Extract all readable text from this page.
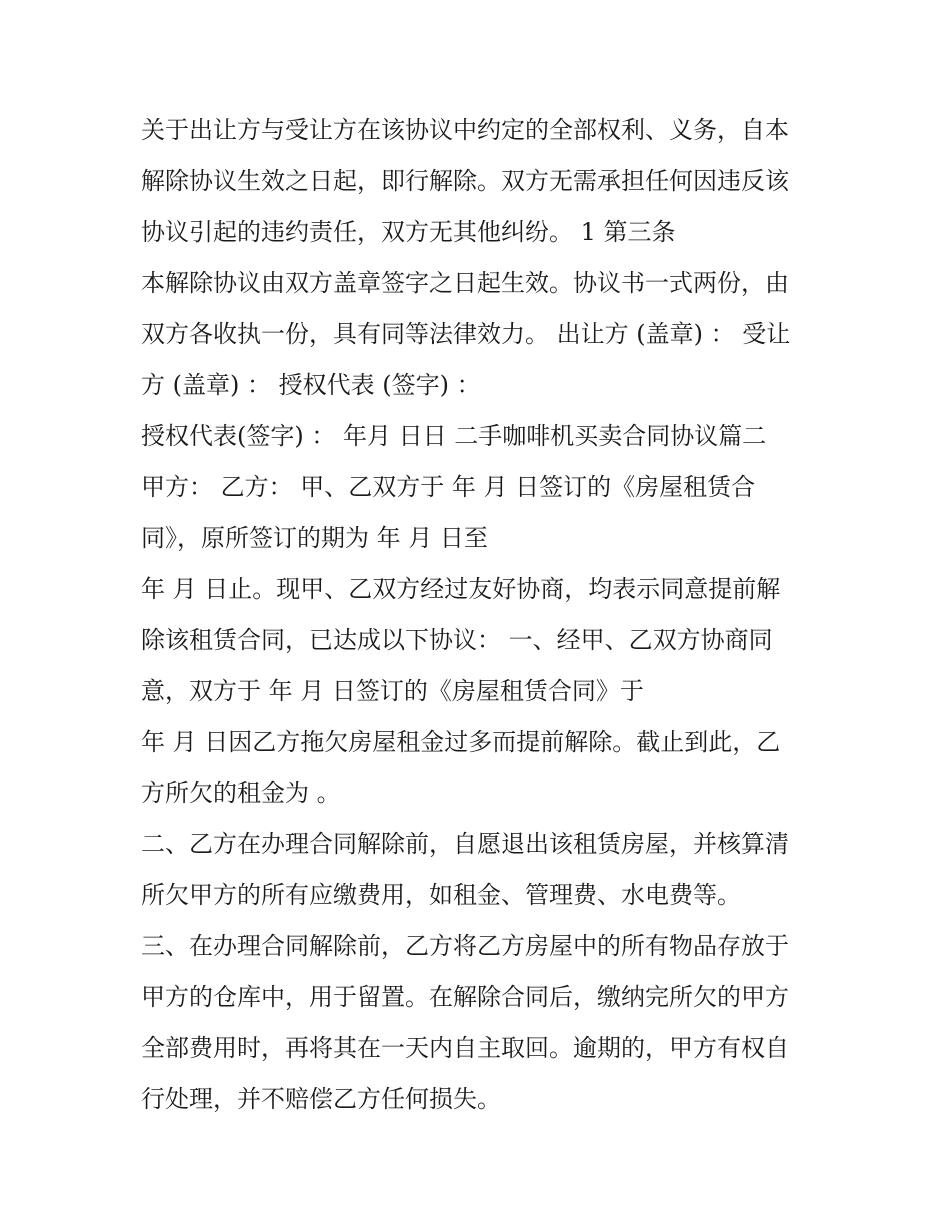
关于出让方与受让方在该协议中约定的全部权利、义务，自本
解除协议生效之日起，即行解除。双方无需承担任何因违反该
协议引起的违约责任，双方无其他纠纷。 1 第三条
本解除协议由双方盖章签字之日起生效。协议书一式两份，由
双方各收执一份，具有同等法律效力。 出让方 (盖章) ： 受让
方 (盖章) ： 授权代表 (签字) ：
授权代表(签字) ： 年月 日日 二手咖啡机买卖合同协议篇二
甲方： 乙方： 甲、乙双方于 年 月 日签订的《房屋租赁合
同》，原所签订的期为 年 月 日至
年 月 日止。现甲、乙双方经过友好协商，均表示同意提前解
除该租赁合同，已达成以下协议： 一、经甲、乙双方协商同
意，双方于 年 月 日签订的《房屋租赁合同》于
年 月 日因乙方拖欠房屋租金过多而提前解除。截止到此，乙
方所欠的租金为 。
二、乙方在办理合同解除前，自愿退出该租赁房屋，并核算清
所欠甲方的所有应缴费用，如租金、管理费、水电费等。
三、在办理合同解除前，乙方将乙方房屋中的所有物品存放于
甲方的仓库中，用于留置。在解除合同后，缴纳完所欠的甲方
全部费用时，再将其在一天内自主取回。逾期的，甲方有权自
行处理，并不赔偿乙方任何损失。
